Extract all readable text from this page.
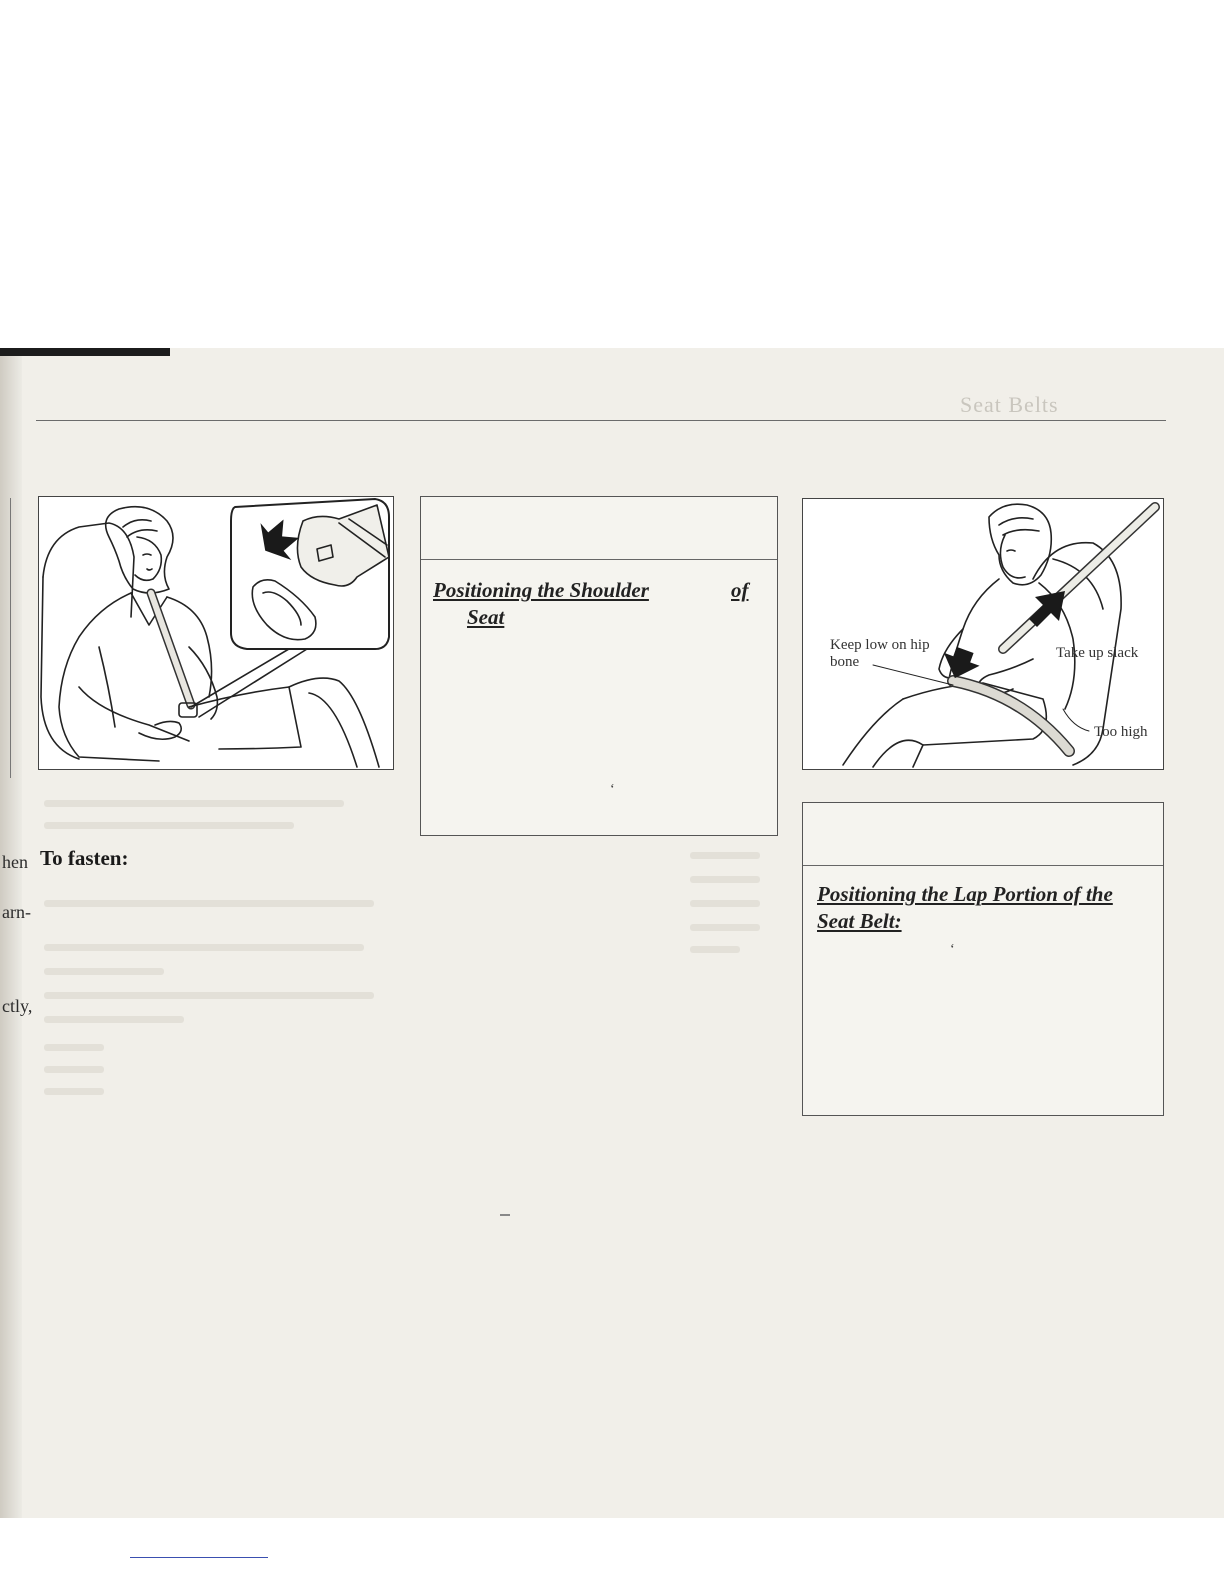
Seat Belts
hen
arn-
ctly,
To fasten:
Positioning the Shoulder	of
Seat
‘
Keep low on hip bone
Take up slack
Too high
Positioning the Lap Portion of the
Seat Belt:
‘
